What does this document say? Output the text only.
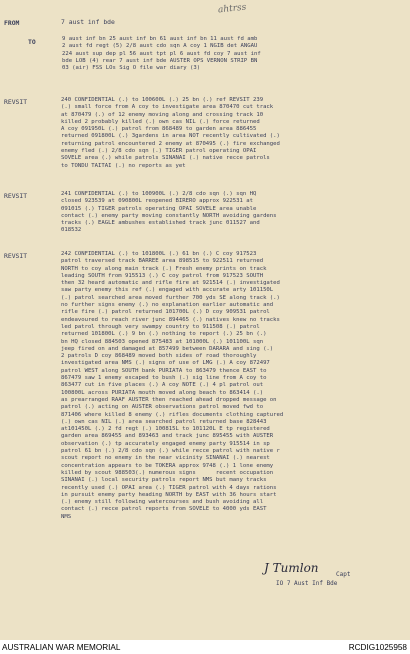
ahtrss
FROM	7 aust inf bde
TO	9 aust inf bn 25 aust inf bn 61 aust inf bn 11 aust fd amb
2 aust fd regt (5) 2/8 aust cdo sqn A coy 1 NGIB det ANGAU
224 aust sup dep pl 56 aust tpt pl 6 aust fd coy 7 aust inf
bde LOB (4) rear 7 aust inf bde AUSTER OPS VERNON STRIP BN
03 (air) FSS LOs Sig O file war diary (3)
REVSIT	240 CONFIDENTIAL (.) to 100600L (.) 25 bn (.) ref REVSIT 239
(.) small force from A coy to investigate area 870470 cut track
at 870479 (.) of 12 enemy moving along and crossing track 10
killed 2 probably killed (.) own cas NIL (.) force returned
A coy 091950L (.) patrol from 868489 to garden area 886455
returned 091800L (.) 3gardens in area NOT recently cultivated (.)
returning patrol encountered 2 enemy at 870495 (.) fire exchanged
enemy fled (.) 2/8 cdo sqn (.) TIGER patrol operating OPAI
SOVELE area (.) while patrols SINANAI (.) native recce patrols
to TONDU TAITAI (.) no reports as yet
REVSIT	241 CONFIDENTIAL (.) to 100900L (.) 2/8 cdo sqn (.) sqn HQ
closed 923539 at 090800L reopened BIRERO approx 922531 at
091015 (.) TIGER patrols operating OPAI SOVELE area unable
contact (.) enemy party moving constantly NORTH avoiding gardens
tracks (.) EAGLE ambushes established track junc 011527 and
018532
REVSIT	242 CONFIDENTIAL (.) to 101800L (.) 61 bn (.) C coy 917523
patrol traversed track BARREE area 898515 to 922511 returned
NORTH to coy along main track (.) Fresh enemy prints on track
leading SOUTH from 915513 (.) C coy patrol from 917523 SOUTH
then 32 heard automatic and rifle fire at 921514 (.) investigated
saw party enemy this ref (.) engaged with accurate arty 101150L
(.) patrol searched area moved further 700 yds SE along track (.)
no further signs enemy (.) no explanation earlier automatic and
rifle fire (.) patrol returned 101700L (.) D coy 909531 patrol
endeavoured to reach river junc 894465 (.) natives knew no tracks
led patrol through very swampy country to 911508 (.) patrol
returned 101800L (.) 9 bn (.) nothing to report (.) 25 bn (.)
bn HQ closed 884503 opened 875483 at 101000L (.) 101100L sqn
jeep fired on and damaged at 857499 between DARARA and sing (.)
2 patrols D coy 868489 moved both sides of road thoroughly
investigated area NMS (.) signs of use of LMG (.) A coy 872497
patrol WEST along SOUTH bank PURIATA to 863479 thence EAST to
867479 saw 1 enemy escaped to bush (.) sig line from A coy to
863477 cut in five places (.) A coy NOTE (.) 4 pl patrol out
100800L across PURIATA mouth moved along beach to 863414 (.)
as prearranged RAAF AUSTER then reached ahead dropped message on
patrol (.) acting on AUSTER observations patrol moved fwd to
871406 where killed 8 enemy (.) rifles documents clothing captured
(.) own cas NIL (.) area searched patrol returned base 828443
at101450L (.) 2 fd regt (.) 100815L to 101120L E tp registered
garden area 869455 and 893463 and track junc 895455 with AUSTER
observation (.) tp accurately engaged enemy party 915514 in sp
patrol 61 bn (.) 2/8 cdo sqn (.) while recce patrol with native r
scout report no enemy in the near vicinity SINANAI (.) nearest
concentration appears to be TOKERA approx 9748 (.) 1 lone enemy
killed by scout 988503(.) numerous signs      recent occupation
SINANAI (.) local security patrols report NMS but many tracks
recently used (.) OPAI area (.) TIGER patrol with 4 days rations
in pursuit enemy party heading NORTH by EAST with 36 hours start
(.) enemy still following watercourses and bush avoiding all
contact (.) recce patrol reports from SOVELE to 4000 yds EAST
NMS
J Tumlon	Capt
IO 7 Aust Inf Bde
AUSTRALIAN WAR MEMORIAL	RCDIG1025958
